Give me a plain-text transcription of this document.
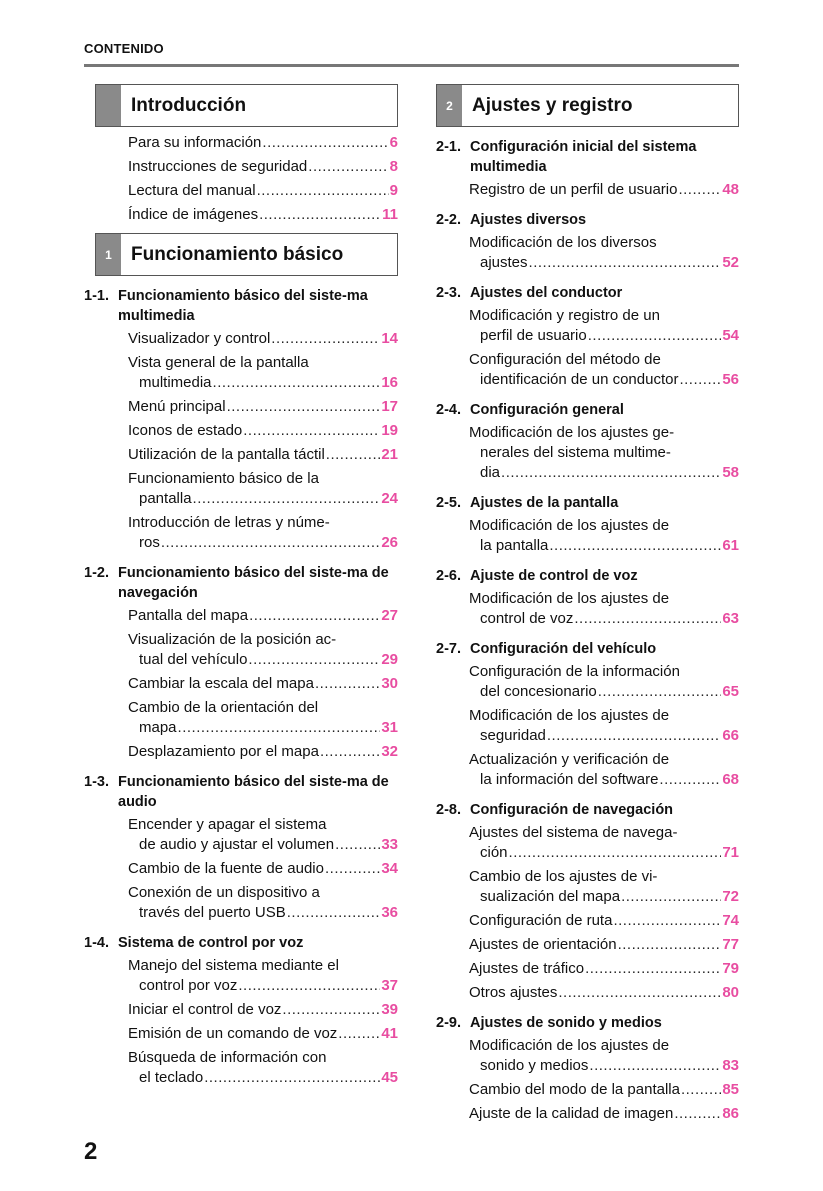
CONTENIDO
Introducción
Para su información .....	6
Instrucciones de seguridad .....	8
Lectura del manual .....	9
Índice de imágenes .....	11
1	Funcionamiento básico
1-1. Funcionamiento básico del siste-ma multimedia
Visualizador y control .....	14
Vista general de la pantalla
multimedia .....	16
Menú principal .....	17
Iconos de estado .....	19
Utilización de la pantalla táctil .....	21
Funcionamiento básico de la
pantalla .....	24
Introducción de letras y núme-
ros .....	26
1-2. Funcionamiento básico del siste-ma de navegación
Pantalla del mapa .....	27
Visualización de la posición ac-
tual del vehículo .....	29
Cambiar la escala del mapa .....	30
Cambio de la orientación del
mapa .....	31
Desplazamiento por el mapa .....	32
1-3. Funcionamiento básico del siste-ma de audio
Encender y apagar el sistema
de audio y ajustar el volumen .....	33
Cambio de la fuente de audio .....	34
Conexión de un dispositivo a
través del puerto USB .....	36
1-4. Sistema de control por voz
Manejo del sistema mediante el
control por voz .....	37
Iniciar el control de voz .....	39
Emisión de un comando de voz .....	41
Búsqueda de información con
el teclado .....	45
2	Ajustes y registro
2-1. Configuración inicial del sistema multimedia
Registro de un perfil de usuario .....	48
2-2. Ajustes diversos
Modificación de los diversos
ajustes .....	52
2-3. Ajustes del conductor
Modificación y registro de un
perfil de usuario .....	54
Configuración del método de
identificación de un conductor .....	56
2-4. Configuración general
Modificación de los ajustes ge-
nerales del sistema multime-
dia .....	58
2-5. Ajustes de la pantalla
Modificación de los ajustes de
la pantalla .....	61
2-6. Ajuste de control de voz
Modificación de los ajustes de
control de voz .....	63
2-7. Configuración del vehículo
Configuración de la información
del concesionario .....	65
Modificación de los ajustes de
seguridad .....	66
Actualización y verificación de
la información del software .....	68
2-8. Configuración de navegación
Ajustes del sistema de navega-
ción .....	71
Cambio de los ajustes de vi-
sualización del mapa .....	72
Configuración de ruta .....	74
Ajustes de orientación .....	77
Ajustes de tráfico .....	79
Otros ajustes .....	80
2-9. Ajustes de sonido y medios
Modificación de los ajustes de
sonido y medios .....	83
Cambio del modo de la pantalla .....	85
Ajuste de la calidad de imagen .....	86
2
